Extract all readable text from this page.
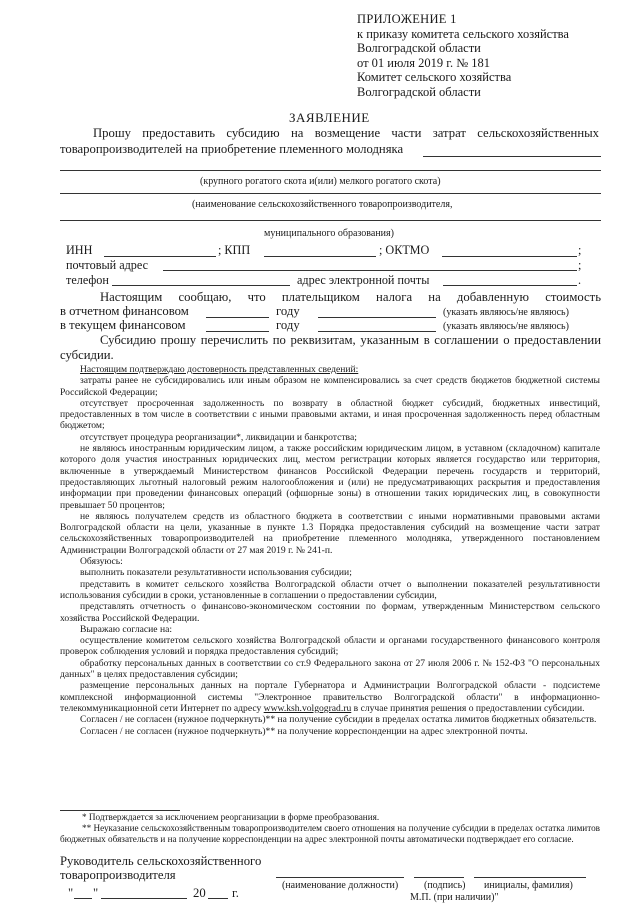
ПРИЛОЖЕНИЕ 1
к приказу комитета сельского хозяйства
Волгоградской области
от 01 июля 2019 г. № 181
Комитет сельского хозяйства
Волгоградской области
ЗАЯВЛЕНИЕ
Прошу предоставить субсидию на возмещение части затрат сельскохозяйственных
товаропроизводителей на приобретение племенного молодняка
(крупного рогатого скота и(или) мелкого рогатого скота)
(наименование сельскохозяйственного товаропроизводителя,
муниципального образования)
ИНН	; КПП	; ОКТМО	;
почтовый адрес	;
телефон	адрес электронной почты	.
Настоящим сообщаю, что плательщиком налога на добавленную стоимость
в отчетном финансовом	году	(указать являюсь/не являюсь)
в текущем финансовом	году	(указать являюсь/не являюсь)
Субсидию прошу перечислить по реквизитам, указанным в соглашении о предоставлении
субсидии.

Настоящим подтверждаю достоверность представленных сведений:

затраты ранее не субсидировались или иным образом не компенсировались за счет средств бюджетов бюджетной системы Российской Федерации;

отсутствует просроченная задолженность по возврату в областной бюджет субсидий, бюджетных инвестиций, предоставленных в том числе в соответствии с иными правовыми актами, и иная просроченная задолженность перед областным бюджетом;

отсутствует процедура реорганизации*, ликвидации и банкротства;

не являюсь иностранным юридическим лицом, а также российским юридическим лицом, в уставном (складочном) капитале которого доля участия иностранных юридических лиц, местом регистрации которых является государство или территория, включенные в утверждаемый Министерством финансов Российской Федерации перечень государств и территорий, предоставляющих льготный налоговый режим налогообложения и (или) не предусматривающих раскрытия и предоставления информации при проведении финансовых операций (офшорные зоны) в отношении таких юридических лиц, в совокупности превышает 50 процентов;

не являюсь получателем средств из областного бюджета в соответствии с иными нормативными правовыми актами Волгоградской области на цели, указанные в пункте 1.3 Порядка предоставления субсидий на возмещение части затрат сельскохозяйственных товаропроизводителей на приобретение племенного молодняка, утвержденного постановлением Администрации Волгоградской области от 27 мая 2019 г. № 241-п.

Обязуюсь:

выполнить показатели результативности использования субсидии;

представить в комитет сельского хозяйства Волгоградской области отчет о выполнении показателей результативности использования субсидии в сроки, установленные в соглашении о предоставлении субсидии,

представлять отчетность о финансово-экономическом состоянии по формам, утвержденным Министерством сельского хозяйства Российской Федерации.

Выражаю согласие на:

осуществление комитетом сельского хозяйства Волгоградской области и органами государственного финансового контроля проверок соблюдения условий и порядка предоставления субсидий;

обработку персональных данных в соответствии со ст.9 Федерального закона от 27 июля 2006 г. № 152-ФЗ "О персональных данных" в целях предоставления субсидии;

размещение персональных данных на портале Губернатора и Администрации Волгоградской области - подсистеме комплексной информационной системы "Электронное правительство Волгоградской области" в информационно-телекоммуникационной сети Интернет по адресу www.ksh.volgograd.ru в случае принятия решения о предоставлении субсидии.

Согласен / не согласен (нужное подчеркнуть)** на получение субсидии в пределах остатка лимитов бюджетных обязательств.

Согласен / не согласен (нужное подчеркнуть)** на получение корреспонденции на адрес электронной почты.

* Подтверждается за исключением реорганизации в форме преобразования.

** Неуказание сельскохозяйственным товаропроизводителем своего отношения на получение субсидии в пределах остатка лимитов бюджетных обязательств и на получение корреспонденции на адрес электронной почты автоматически подтверждает его согласие.

Руководитель сельскохозяйственного
товаропроизводителя
(наименование должности)	(подпись) инициалы, фамилия)
" "	20 г.	М.П. (при наличии)"
